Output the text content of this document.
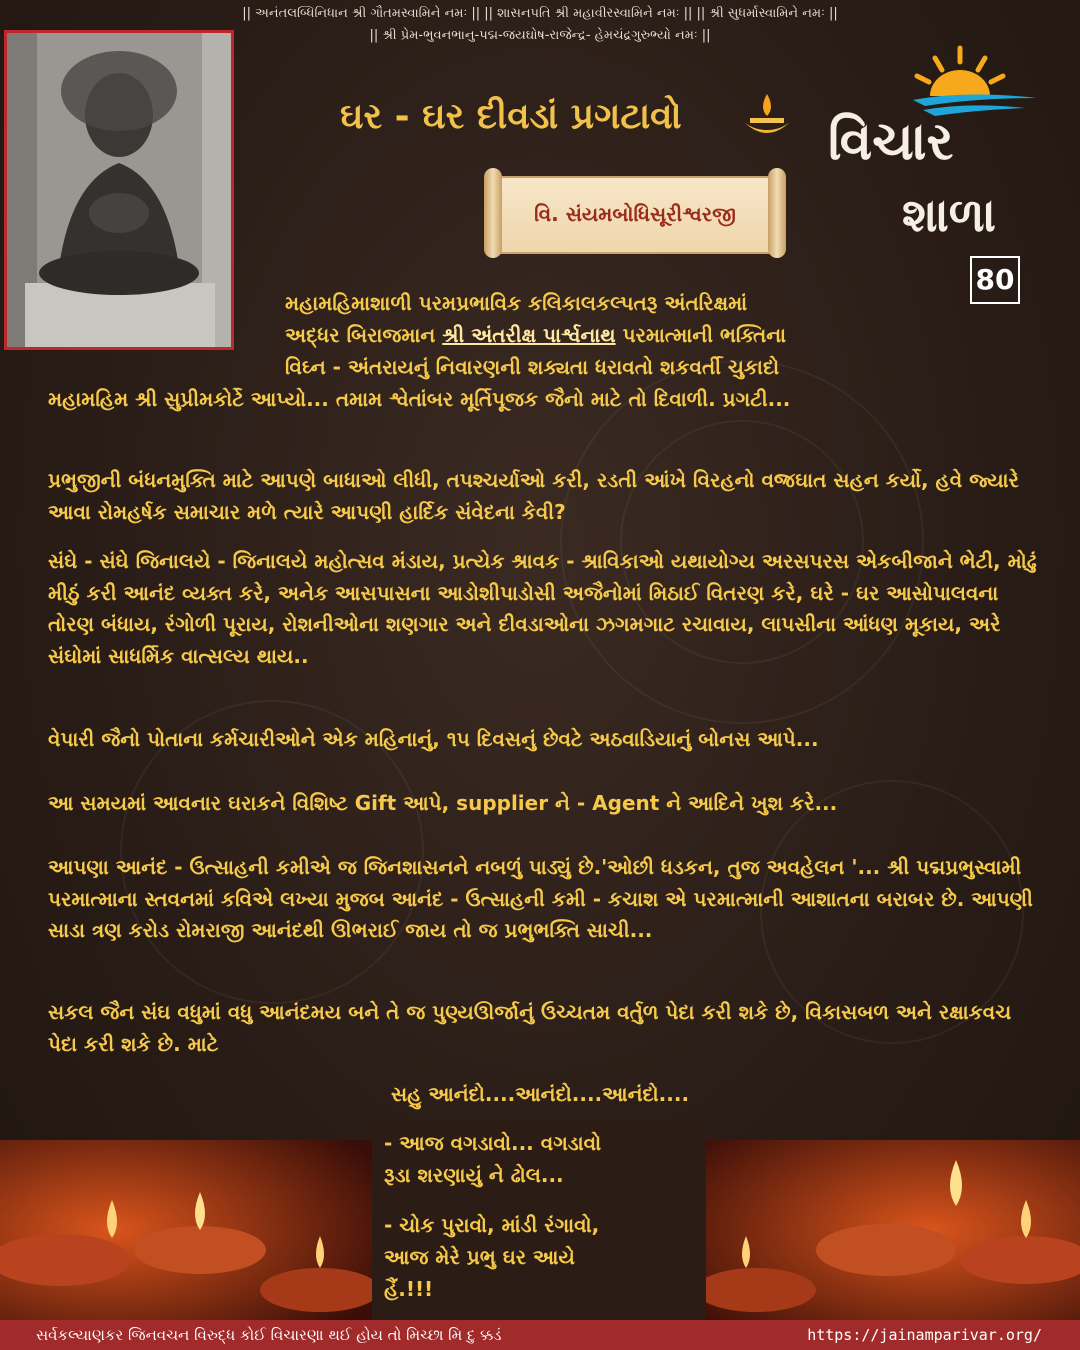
|| અનંતલબ્ધિનિધાન શ્રી ગૌતમસ્વામિને નમઃ || || શાસનપતિ શ્રી મહાવીરસ્વામિને નમઃ || || શ્રી સુધર્માસ્વામિને નમઃ ||
|| શ્રી પ્રેમ-ભુવનભાનુ-પદ્મ-જયઘોષ-રાજેન્દ્ર- હેમચંદ્રગુરુભ્યો નમઃ ||
ઘર - ઘર દીવડાં પ્રગટાવો
વિ. સંયમબોધિસૂરીશ્વરજી
વિચાર
શાળા
80
મહામહિમાશાળી પરમપ્રભાવિક કલિકાલકલ્પતરૂ અંતરિક્ષમાં
અદ્ધર બિરાજમાન શ્રી અંતરીક્ષ પાર્શ્વનાથ પરમાત્માની ભક્તિના
વિઘ્ન - અંતરાયનું નિવારણની શક્યતા ધરાવતો શકવર્તી ચુકાદો
મહામહિમ શ્રી સુપ્રીમકોર્ટે આપ્યો... તમામ શ્વેતાંબર મૂર્તિપૂજક જૈનો માટે તો દિવાળી. પ્રગટી...
પ્રભુજીની બંધનમુક્તિ માટે આપણે બાધાઓ લીધી, તપશ્ચર્યાઓ કરી, રડતી આંખે વિરહનો વજ્રઘાત સહન કર્યો, હવે જ્યારે આવા રોમહર્ષક સમાચાર મળે ત્યારે આપણી હાર્દિક સંવેદના કેવી?
સંઘે - સંઘે જિનાલયે - જિનાલયે મહોત્સવ મંડાય, પ્રત્યેક શ્રાવક - શ્રાવિકાઓ યથાયોગ્ય અરસપરસ એકબીજાને ભેટી, મોઢું મીઠું કરી આનંદ વ્યક્ત કરે, અનેક આસપાસના આડોશીપાડોસી અજૈનોમાં મિઠાઈ વિતરણ કરે, ઘરે - ઘર આસોપાલવના તોરણ બંધાય, રંગોળી પૂરાય, રોશનીઓના શણગાર અને દીવડાઓના ઝગમગાટ રચાવાય, લાપસીના આંધણ મૂકાય, અરે સંઘોમાં સાધર્મિક વાત્સલ્ય થાય..
વેપારી જૈનો પોતાના કર્મચારીઓને એક મહિનાનું, ૧૫ દિવસનું છેવટે અઠવાડિયાનું બોનસ આપે...
આ સમયમાં આવનાર ઘરાકને વિશિષ્ટ Gift આપે, supplier ને - Agent ને આદિને ખુશ કરે...
આપણા આનંદ - ઉત્સાહની કમીએ જ જિનશાસનને નબળું પાડ્યું છે.'ઓછી ધડકન, તુજ અવહેલન '... શ્રી પદ્મપ્રભુસ્વામી પરમાત્માના સ્તવનમાં કવિએ લખ્યા મુજબ આનંદ - ઉત્સાહની કમી - કચાશ એ પરમાત્માની આશાતના બરાબર છે. આપણી સાડા ત્રણ કરોડ રોમરાજી આનંદથી ઊભરાઈ જાય તો જ પ્રભુભક્તિ સાચી...
સકલ જૈન સંઘ વધુમાં વધુ આનંદમય બને તે જ પુણ્યઊર્જાનું ઉચ્ચતમ વર્તુળ પેદા કરી શકે છે, વિકાસબળ અને રક્ષાકવચ પેદા કરી શકે છે. માટે
સહુ આનંદો....આનંદો....આનંદો....
- આજ વગડાવો... વગડાવો
રૂડા શરણાયું ને ઢોલ...
- ચોક પુરાવો, માંડી રંગાવો,
આજ મેરે પ્રભુ ઘર આયે
હૈં.!!!
સર્વકલ્યાણકર જિનવચન વિરુદ્ધ કોઈ વિચારણા થઈ હોય તો મિચ્છા મિ દુ ક્કડં	https://jainamparivar.org/
